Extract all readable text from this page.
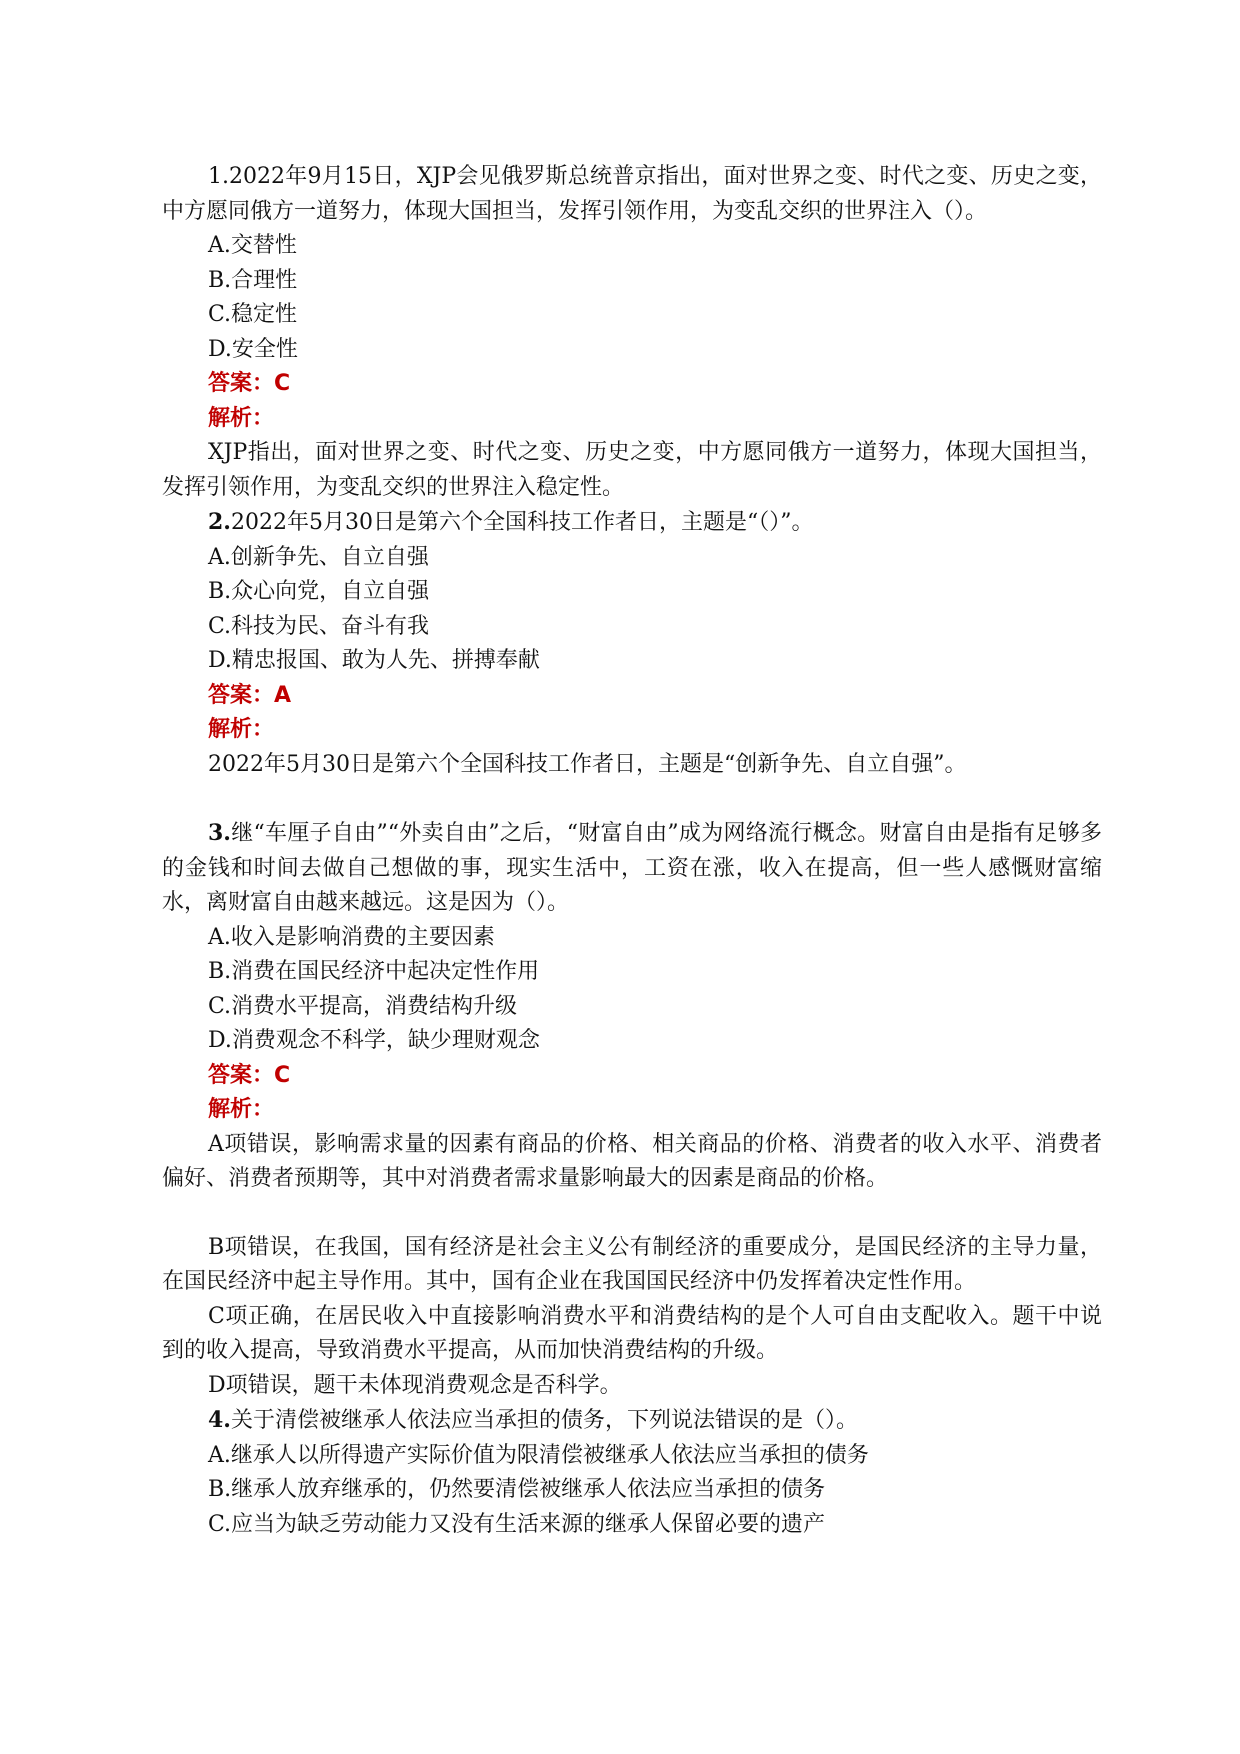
1.2022年9月15日，XJP会见俄罗斯总统普京指出，面对世界之变、时代之变、历史之变，中方愿同俄方一道努力，体现大国担当，发挥引领作用，为变乱交织的世界注入（）。
A.交替性
B.合理性
C.稳定性
D.安全性
答案：C
解析：
XJP指出，面对世界之变、时代之变、历史之变，中方愿同俄方一道努力，体现大国担当，发挥引领作用，为变乱交织的世界注入稳定性。
2.2022年5月30日是第六个全国科技工作者日，主题是“（）”。
A.创新争先、自立自强
B.众心向党，自立自强
C.科技为民、奋斗有我
D.精忠报国、敢为人先、拼搏奉献
答案：A
解析：
2022年5月30日是第六个全国科技工作者日，主题是“创新争先、自立自强”。
3.继“车厘子自由”“外卖自由”之后，“财富自由”成为网络流行概念。财富自由是指有足够多的金钱和时间去做自己想做的事，现实生活中，工资在涨，收入在提高，但一些人感慨财富缩水，离财富自由越来越远。这是因为（）。
A.收入是影响消费的主要因素
B.消费在国民经济中起决定性作用
C.消费水平提高，消费结构升级
D.消费观念不科学，缺少理财观念
答案：C
解析：
A项错误，影响需求量的因素有商品的价格、相关商品的价格、消费者的收入水平、消费者偏好、消费者预期等，其中对消费者需求量影响最大的因素是商品的价格。
B项错误，在我国，国有经济是社会主义公有制经济的重要成分，是国民经济的主导力量，在国民经济中起主导作用。其中，国有企业在我国国民经济中仍发挥着决定性作用。
C项正确，在居民收入中直接影响消费水平和消费结构的是个人可自由支配收入。题干中说到的收入提高，导致消费水平提高，从而加快消费结构的升级。
D项错误，题干未体现消费观念是否科学。
4.关于清偿被继承人依法应当承担的债务，下列说法错误的是（）。
A.继承人以所得遗产实际价值为限清偿被继承人依法应当承担的债务
B.继承人放弃继承的，仍然要清偿被继承人依法应当承担的债务
C.应当为缺乏劳动能力又没有生活来源的继承人保留必要的遗产
